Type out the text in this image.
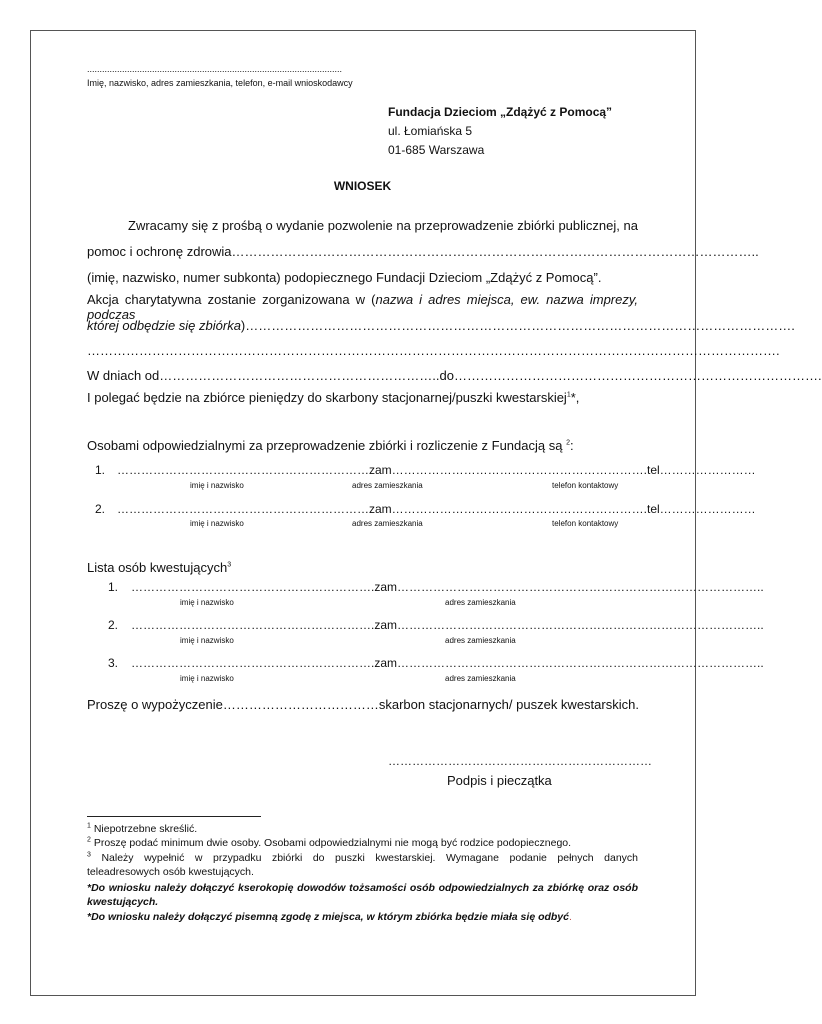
......................................................................................................
Imię, nazwisko, adres zamieszkania, telefon, e-mail wnioskodawcy
Fundacja Dzieciom „Zdążyć z Pomocą”
ul. Łomiańska 5
01-685 Warszawa
WNIOSEK
Zwracamy się z prośbą o wydanie pozwolenie na przeprowadzenie zbiórki publicznej, na
pomoc i ochronę zdrowia…………………………………………………………………………………………………………..
(imię, nazwisko, numer subkonta) podopiecznego Fundacji Dzieciom „Zdążyć z Pomocą”.
Akcja charytatywna zostanie zorganizowana w (nazwa i adres miejsca, ew. nazwa imprezy, podczas
której odbędzie się zbiórka)……………………………………………………………………………………………………………….
…………………………………………………………………………………………………………………………………………….
W dniach od………………………………………………………..do………………………………………………………………………….
I polegać będzie na zbiórce pieniędzy do skarbony stacjonarnej/puszki kwestarskiej$^1$*,
Osobami odpowiedzialnymi za przeprowadzenie zbiórki i rozliczenie z Fundacją są $^2$:
1. ………………………………………………………zam……………………………………………………….tel……………………
imię i nazwisko	adres zamieszkania	telefon kontaktowy
2. ………………………………………………………zam……………………………………………………….tel……………………
imię i nazwisko	adres zamieszkania	telefon kontaktowy
Lista osób kwestujących$^3$
1. …………………………………………………….zam………………………………………………………………………………..
imię i nazwisko	adres zamieszkania
2. …………………………………………………….zam………………………………………………………………………………..
imię i nazwisko	adres zamieszkania
3. …………………………………………………….zam………………………………………………………………………………..
imię i nazwisko	adres zamieszkania
Proszę o wypożyczenie………………………………skarbon stacjonarnych/ puszek kwestarskich.
…………………………………………………………
Podpis i pieczątka
$^1$ Niepotrzebne skreślić.
$^2$ Proszę podać minimum dwie osoby. Osobami odpowiedzialnymi nie mogą być rodzice podopiecznego.
$^3$ Należy wypełnić w przypadku zbiórki do puszki kwestarskiej. Wymagane podanie pełnych danych
teleadresowych osób kwestujących.
*Do wniosku należy dołączyć kserokopię dowodów tożsamości osób odpowiedzialnych za zbiórkę oraz osób
kwestujących.
*Do wniosku należy dołączyć pisemną zgodę z miejsca, w którym zbiórka będzie miała się odbyć.
